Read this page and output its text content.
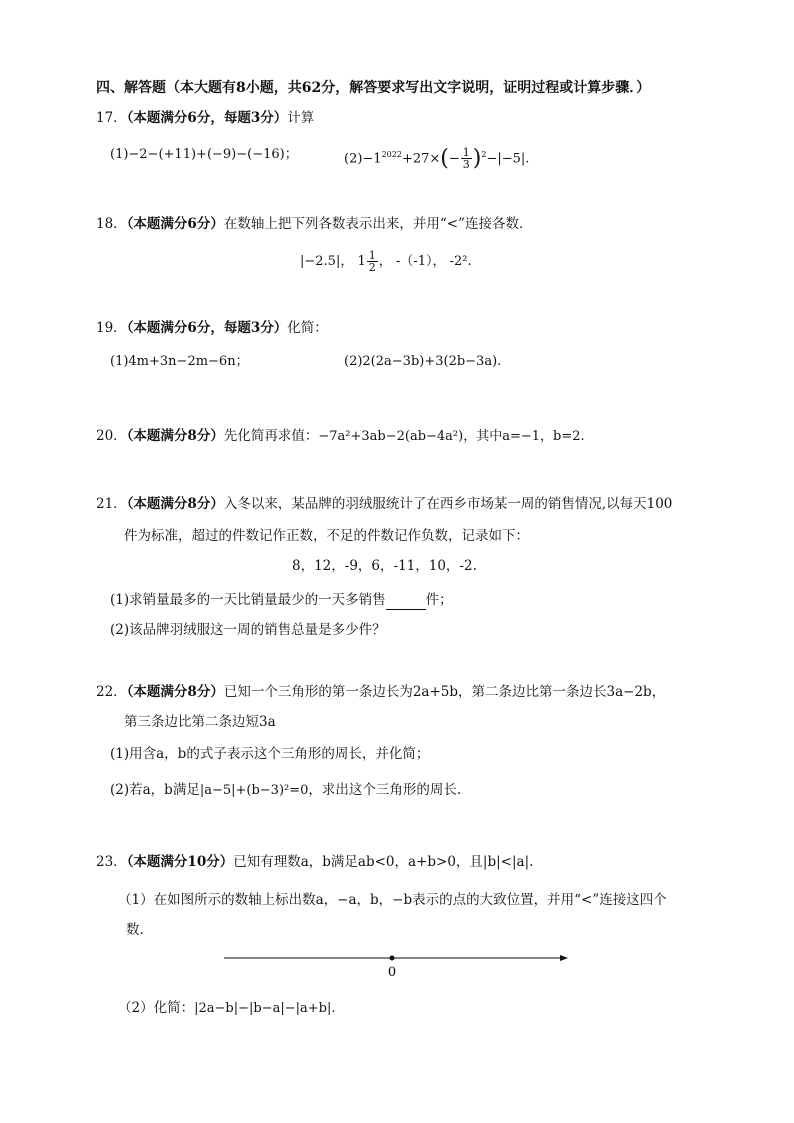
四、解答题（本大题有8小题，共62分，解答要求写出文字说明，证明过程或计算步骤．）
17．（本题满分6分，每题3分）计算
(1)−2−(+11)+(−9)−(−16)；	$(2)-1^{2022}+27\times(- \frac{1}{3} )^2-|-5|$.
18．（本题满分6分）在数轴上把下列各数表示出来，并用“<”连接各数．
|−2.5|， $1 \frac{1}{2}$ ， -（-1）， -2².
19．（本题满分6分，每题3分）化简：
(1)4m+3n−2m−6n；	(2)2(2a−3b)+3(2b−3a).
20．（本题满分8分）先化简再求值：−7a²+3ab−2(ab−4a²)，其中a=−1，b=2.
21．（本题满分8分）入冬以来，某品牌的羽绒服统计了在西乡市场某一周的销售情况,以每天100
件为标准，超过的件数记作正数，不足的件数记作负数，记录如下：
8，12，-9，6，-11，10，-2.
(1)求销量最多的一天比销量最少的一天多销售	件；
(2)该品牌羽绒服这一周的销售总量是多少件？
22．（本题满分8分）已知一个三角形的第一条边长为2a+5b，第二条边比第一条边长3a−2b，
第三条边比第二条边短3a
(1)用含a，b的式子表示这个三角形的周长，并化简；
(2)若a，b满足|a−5|+(b−3)²=0，求出这个三角形的周长.
23．（本题满分10分）已知有理数a，b满足ab<0，a+b>0，且|b|<|a|.
（1）在如图所示的数轴上标出数a，−a，b，−b表示的点的大致位置，并用“<”连接这四个
数.
0
（2）化简：|2a−b|−|b−a|−|a+b|.
